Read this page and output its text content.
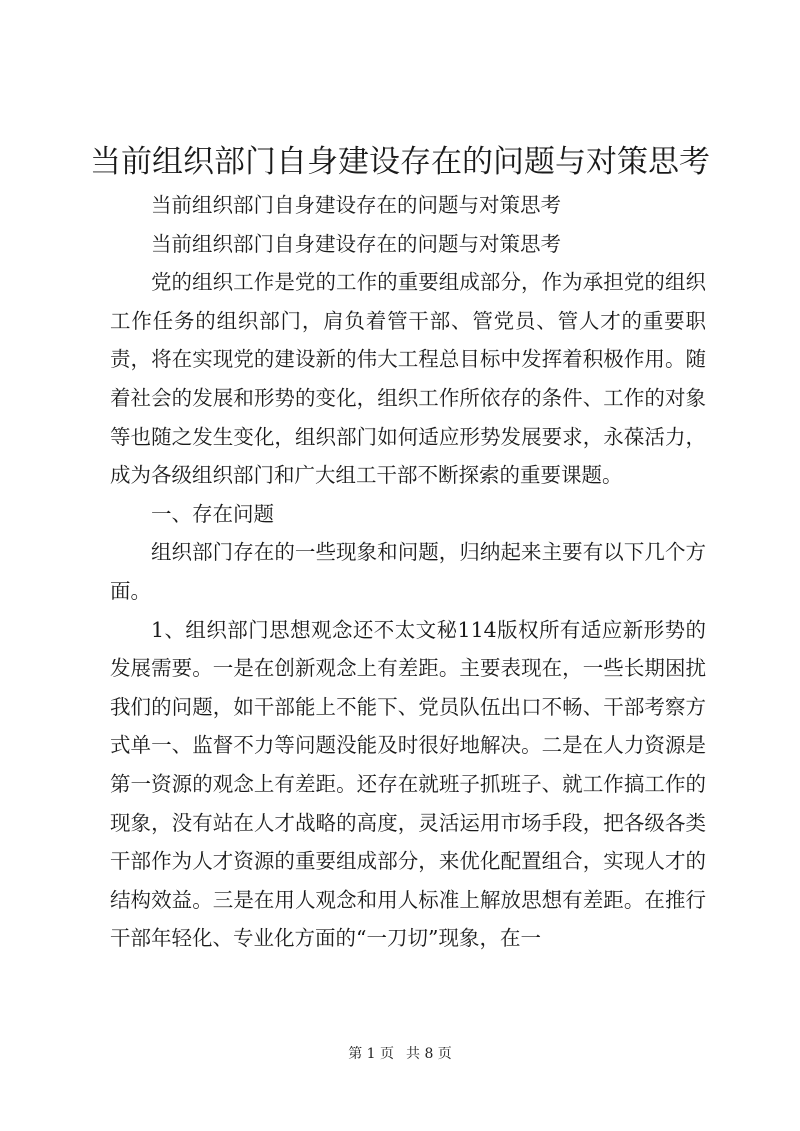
当前组织部门自身建设存在的问题与对策思考

当前组织部门自身建设存在的问题与对策思考

当前组织部门自身建设存在的问题与对策思考

党的组织工作是党的工作的重要组成部分，作为承担党的组织工作任务的组织部门，肩负着管干部、管党员、管人才的重要职责，将在实现党的建设新的伟大工程总目标中发挥着积极作用。随着社会的发展和形势的变化，组织工作所依存的条件、工作的对象等也随之发生变化，组织部门如何适应形势发展要求，永葆活力，成为各级组织部门和广大组工干部不断探索的重要课题。

一、存在问题

组织部门存在的一些现象和问题，归纳起来主要有以下几个方面。

1、组织部门思想观念还不太文秘114版权所有适应新形势的发展需要。一是在创新观念上有差距。主要表现在，一些长期困扰我们的问题，如干部能上不能下、党员队伍出口不畅、干部考察方式单一、监督不力等问题没能及时很好地解决。二是在人力资源是第一资源的观念上有差距。还存在就班子抓班子、就工作搞工作的现象，没有站在人才战略的高度，灵活运用市场手段，把各级各类干部作为人才资源的重要组成部分，来优化配置组合，实现人才的结构效益。三是在用人观念和用人标准上解放思想有差距。在推行干部年轻化、专业化方面的“一刀切”现象，在一

第 1 页 共 8 页
